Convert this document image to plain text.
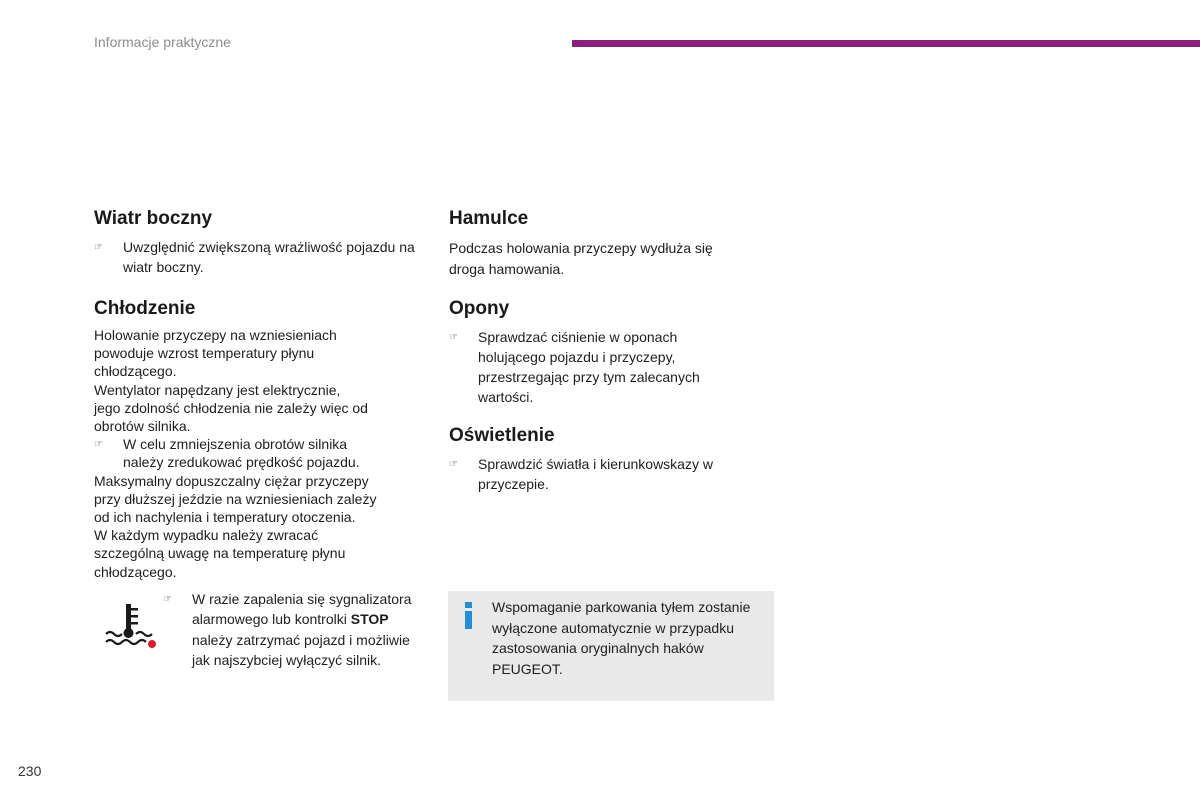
Informacje praktyczne
Wiatr boczny
☞ Uwzględnić zwiększoną wrażliwość pojazdu na wiatr boczny.
Chłodzenie
Holowanie przyczepy na wzniesieniach
powoduje wzrost temperatury płynu
chłodzącego.
Wentylator napędzany jest elektrycznie,
jego zdolność chłodzenia nie zależy więc od
obrotów silnika.
☞ W celu zmniejszenia obrotów silnika należy zredukować prędkość pojazdu.
Maksymalny dopuszczalny ciężar przyczepy
przy dłuższej jeździe na wzniesieniach zależy
od ich nachylenia i temperatury otoczenia.
W każdym wypadku należy zwracać
szczególną uwagę na temperaturę płynu
chłodzącego.
☞ W razie zapalenia się sygnalizatora alarmowego lub kontrolki STOP należy zatrzymać pojazd i możliwie jak najszybciej wyłączyć silnik.
Hamulce
Podczas holowania przyczepy wydłuża się droga hamowania.
Opony
☞ Sprawdzać ciśnienie w oponach holującego pojazdu i przyczepy, przestrzegając przy tym zalecanych wartości.
Oświetlenie
☞ Sprawdzić światła i kierunkowskazy w przyczepie.
Wspomaganie parkowania tyłem zostanie wyłączone automatycznie w przypadku zastosowania oryginalnych haków PEUGEOT.
230
